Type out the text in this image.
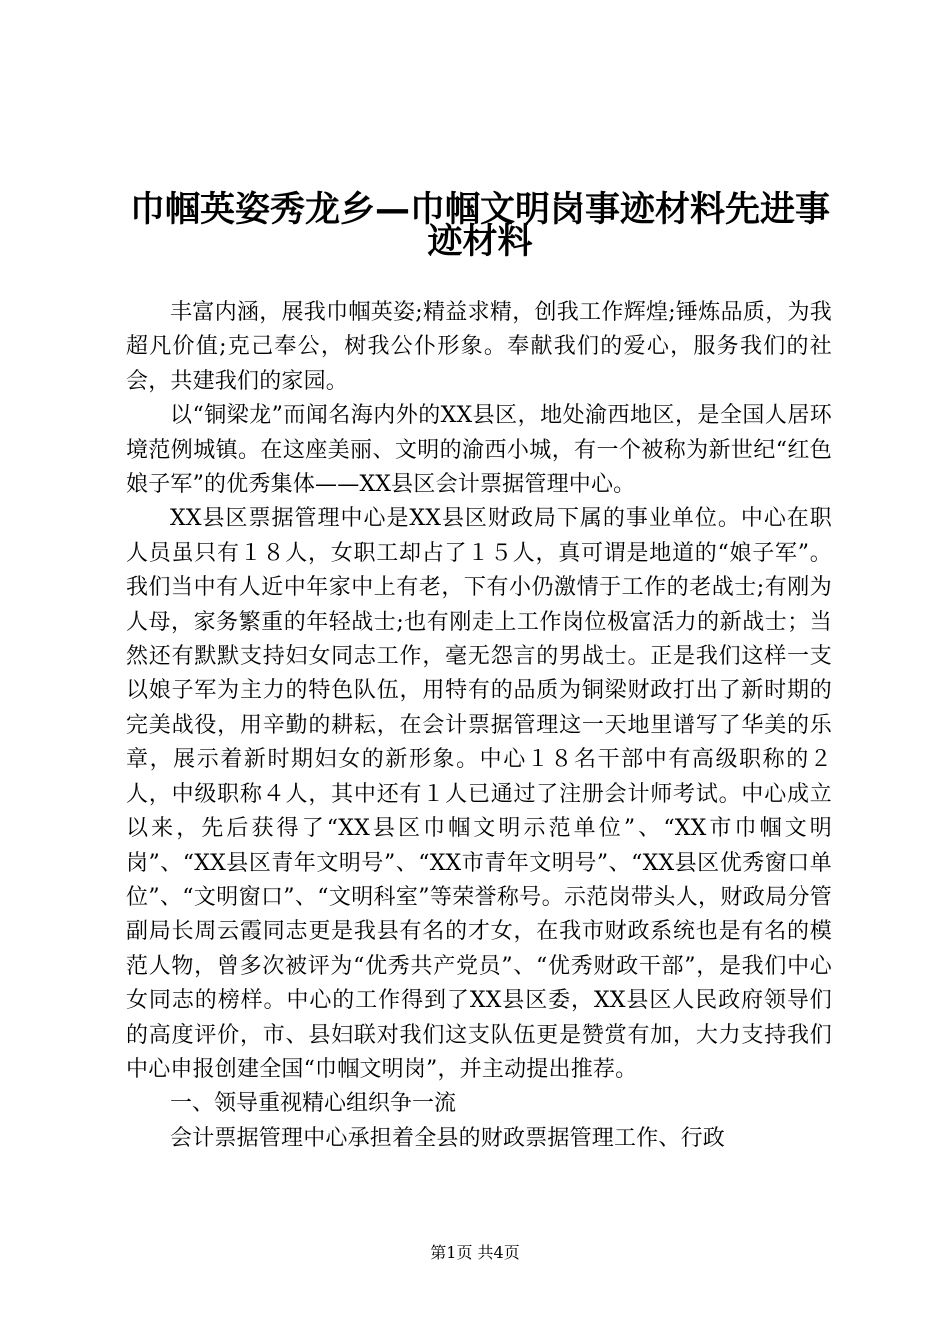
巾帼英姿秀龙乡—巾帼文明岗事迹材料先进事
迹材料

丰富内涵，展我巾帼英姿;精益求精，创我工作辉煌;锤炼品质，为我超凡价值;克己奉公，树我公仆形象。奉献我们的爱心，服务我们的社会，共建我们的家园。

以“铜梁龙”而闻名海内外的XX县区，地处渝西地区，是全国人居环境范例城镇。在这座美丽、文明的渝西小城，有一个被称为新世纪“红色娘子军”的优秀集体——XX县区会计票据管理中心。

XX县区票据管理中心是XX县区财政局下属的事业单位。中心在职人员虽只有１８人，女职工却占了１５人，真可谓是地道的“娘子军”。我们当中有人近中年家中上有老，下有小仍激情于工作的老战士;有刚为人母，家务繁重的年轻战士;也有刚走上工作岗位极富活力的新战士；当然还有默默支持妇女同志工作，毫无怨言的男战士。正是我们这样一支以娘子军为主力的特色队伍，用特有的品质为铜梁财政打出了新时期的完美战役，用辛勤的耕耘，在会计票据管理这一天地里谱写了华美的乐章，展示着新时期妇女的新形象。中心１８名干部中有高级职称的２人，中级职称４人，其中还有１人已通过了注册会计师考试。中心成立以来，先后获得了“XX县区巾帼文明示范单位”、“XX市巾帼文明岗”、“XX县区青年文明号”、“XX市青年文明号”、“XX县区优秀窗口单位”、“文明窗口”、“文明科室”等荣誉称号。示范岗带头人，财政局分管副局长周云霞同志更是我县有名的才女，在我市财政系统也是有名的模范人物，曾多次被评为“优秀共产党员”、“优秀财政干部”，是我们中心女同志的榜样。中心的工作得到了XX县区委，XX县区人民政府领导们的高度评价，市、县妇联对我们这支队伍更是赞赏有加，大力支持我们中心申报创建全国“巾帼文明岗”，并主动提出推荐。

一、领导重视精心组织争一流

会计票据管理中心承担着全县的财政票据管理工作、行政

第1页 共4页
